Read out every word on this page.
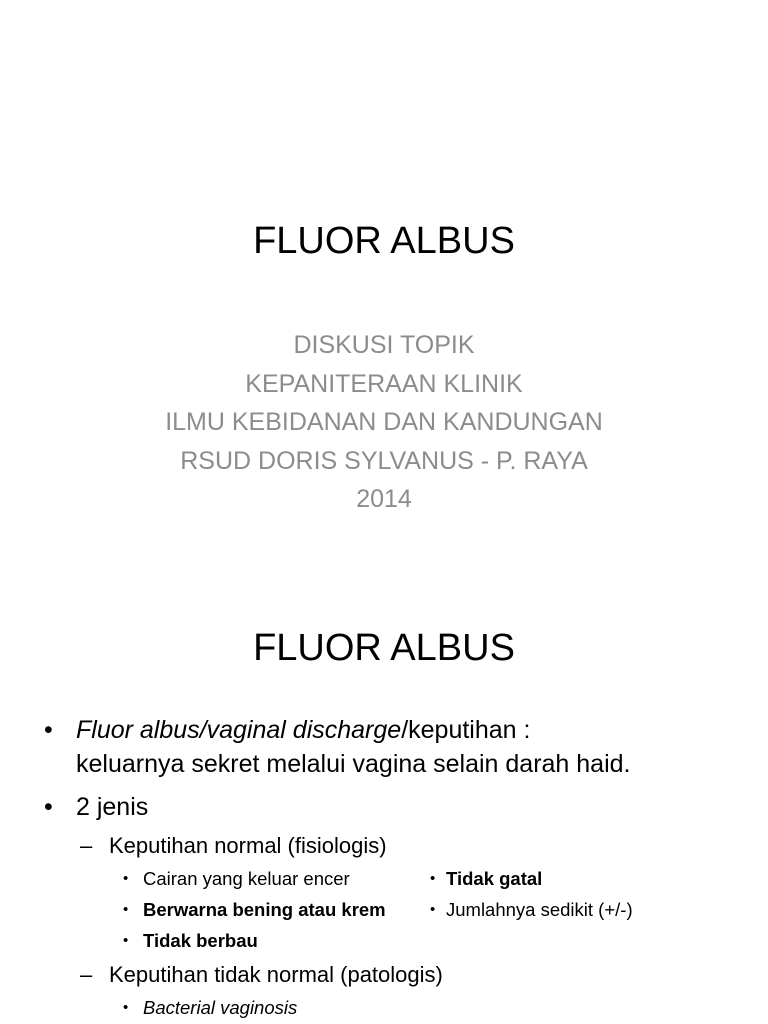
FLUOR ALBUS
DISKUSI TOPIK
KEPANITERAAN KLINIK
ILMU KEBIDANAN DAN KANDUNGAN
RSUD DORIS SYLVANUS - P. RAYA
2014
FLUOR ALBUS
• Fluor albus/vaginal discharge/keputihan :
keluarnya sekret melalui vagina selain darah haid.
• 2 jenis
– Keputihan normal (fisiologis)
• Cairan yang keluar encer
• Berwarna bening atau krem
• Tidak berbau
• Tidak gatal
• Jumlahnya sedikit (+/-)
– Keputihan tidak normal (patologis)
• Bacterial vaginosis
